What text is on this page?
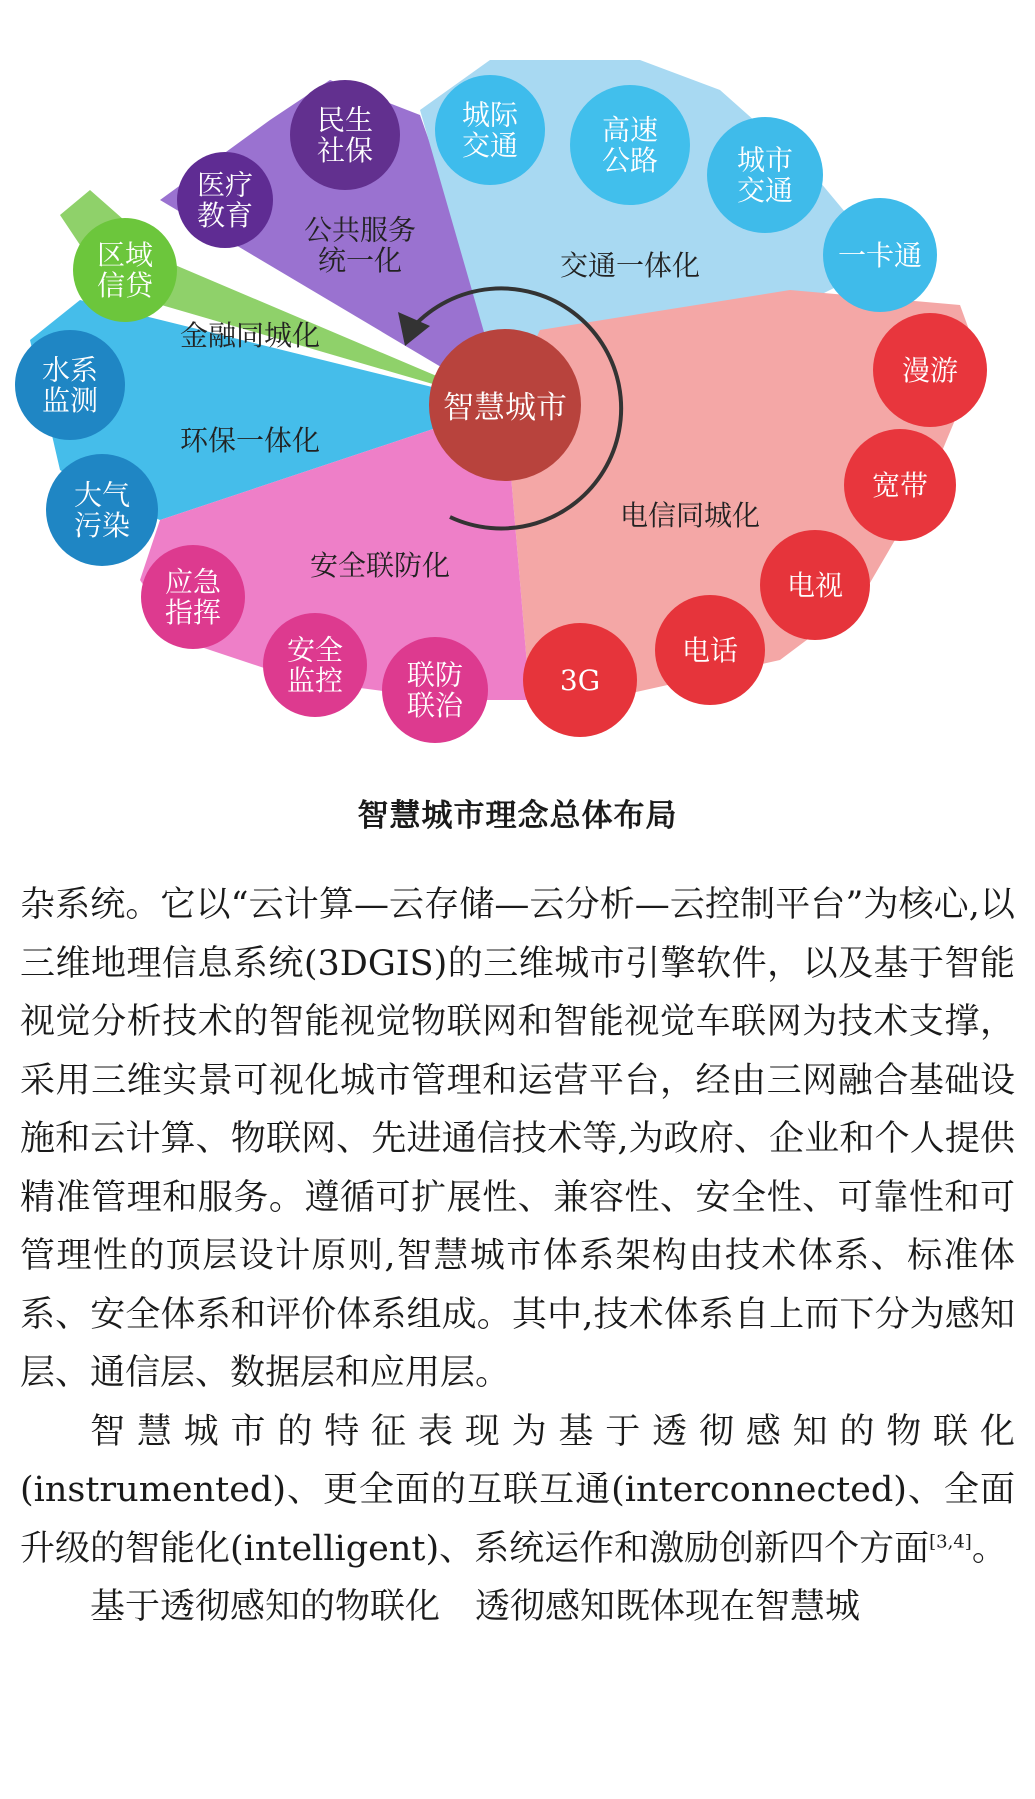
医疗教育
民生社保
城际交通	高速公路	城市交通
一卡通
区域信贷
水系监测
大气污染
漫游
宽带
电视
电话
3G
应急指挥
安全监控 联防联治
公共服务统一化	交通一体化
金融同城化
环保一体化
电信同城化
安全联防化
智慧城市
智慧城市理念总体布局

杂系统。它以“云计算—云存储—云分析—云控制平台”为核心,以三维地理信息系统(3DGIS)的三维城市引擎软件，以及基于智能视觉分析技术的智能视觉物联网和智能视觉车联网为技术支撑，采用三维实景可视化城市管理和运营平台，经由三网融合基础设施和云计算、物联网、先进通信技术等,为政府、企业和个人提供精准管理和服务。遵循可扩展性、兼容性、安全性、可靠性和可管理性的顶层设计原则,智慧城市体系架构由技术体系、标准体系、安全体系和评价体系组成。其中,技术体系自上而下分为感知层、通信层、数据层和应用层。

智慧城市的特征表现为基于透彻感知的物联化(instrumented)、更全面的互联互通(interconnected)、全面升级的智能化(intelligent)、系统运作和激励创新四个方面[3,4]。

基于透彻感知的物联化　透彻感知既体现在智慧城
